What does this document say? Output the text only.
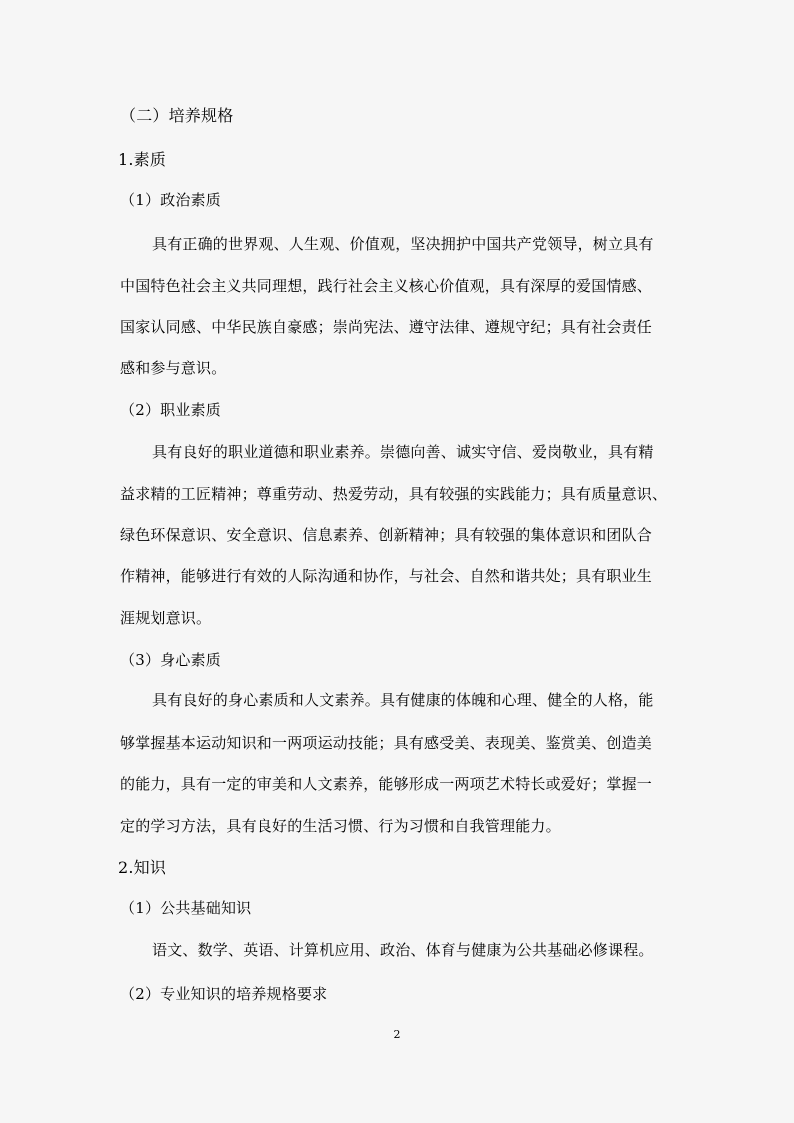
（二）培养规格

1.素质

（1）政治素质

具有正确的世界观、人生观、价值观，坚决拥护中国共产党领导，树立具有

中国特色社会主义共同理想，践行社会主义核心价值观，具有深厚的爱国情感、

国家认同感、中华民族自豪感；崇尚宪法、遵守法律、遵规守纪；具有社会责任

感和参与意识。

（2）职业素质

具有良好的职业道德和职业素养。崇德向善、诚实守信、爱岗敬业，具有精

益求精的工匠精神；尊重劳动、热爱劳动，具有较强的实践能力；具有质量意识、

绿色环保意识、安全意识、信息素养、创新精神；具有较强的集体意识和团队合

作精神，能够进行有效的人际沟通和协作，与社会、自然和谐共处；具有职业生

涯规划意识。

（3）身心素质

具有良好的身心素质和人文素养。具有健康的体魄和心理、健全的人格，能

够掌握基本运动知识和一两项运动技能；具有感受美、表现美、鉴赏美、创造美

的能力，具有一定的审美和人文素养，能够形成一两项艺术特长或爱好；掌握一

定的学习方法，具有良好的生活习惯、行为习惯和自我管理能力。

2.知识

（1）公共基础知识

语文、数学、英语、计算机应用、政治、体育与健康为公共基础必修课程。

（2）专业知识的培养规格要求

2
